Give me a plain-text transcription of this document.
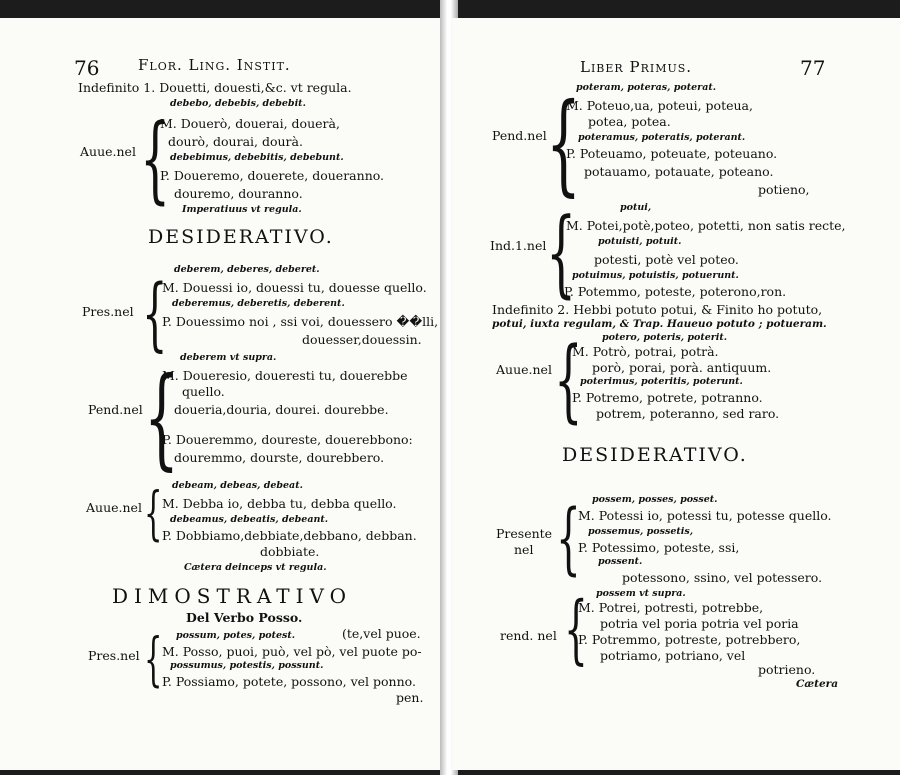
76	Flor. Ling. Instit.
Indefinito 1. Douetti, douesti,&c. vt regula.
debebo, debebis, debebit.
Auue.nel {
M. Douerò, douerai, douerà,
dourò, dourai, dourà.
debebimus, debebitis, debebunt.
P. Doueremo, douerete, doueranno.
douremo, douranno.
Imperatiuus vt regula.
DESIDERATIVO.
deberem, deberes, deberet.
Pres.nel {
M. Douessi io, douessi tu, douesse quello.
deberemus, deberetis, deberent.
P. Douessimo noi , ssi voi, douessero ��lli,
douesser,douessin.
deberem vt supra.
Pend.nel {
M. Doueresio, doueresti tu, douerebbe
quello.
doueria,douria, dourei. dourebbe.
P. Doueremmo, doureste, douerebbono:
douremmo, dourste, dourebbero.
debeam, debeas, debeat.
Auue.nel { M. Debba io, debba tu, debba quello.
debeamus, debeatis, debeant.
P. Dobbiamo,debbiate,debbano, debban.
dobbiate.
Cætera deinceps vt regula.
DIMOSTRATIVO
Del Verbo Posso.
possum, potes, potest.	(te,vel puoe.
Pres.nel { M. Posso, puoi, può, vel pò, vel puote po-
possumus, potestis, possunt.
P. Possiamo, potete, possono, vel ponno.
pen.
Liber Primus.	77
poteram, poteras, poterat.
Pend.nel {
M. Poteuo,ua, poteui, poteua,
potea, potea.
poteramus, poteratis, poterant.
P. Poteuamo, poteuate, poteuano.
potauamo, potauate, poteano.
potieno,
potui,
Ind.1.nel {
M. Potei,potè,poteo, potetti, non satis recte,
potuisti, potuit.
potesti, potè vel poteo.
potuimus, potuistis, potuerunt.
P. Potemmo, poteste, poterono,ron.
Indefinito 2. Hebbi potuto potui, & Finito ho potuto,
potui, iuxta regulam, & Trap. Haueuo potuto ; potueram.
potero, poteris, poterit.
Auue.nel {
M. Potrò, potrai, potrà.
porò, porai, porà. antiquum.
poterimus, poteritis, poterunt.
P. Potremo, potrete, potranno.
potrem, poteranno, sed raro.
DESIDERATIVO.
possem, posses, posset.
Presente
nel {
M. Potessi io, potessi tu, potesse quello.
possemus, possetis,
P. Potessimo, poteste, ssi,
possent.
potessono, ssino, vel potessero.
possem vt supra.
rend. nel {
M. Potrei, potresti, potrebbe,
potria vel poria potria vel poria
P. Potremmo, potreste, potrebbero,
potriamo, potriano, vel
potrieno.
Cætera
